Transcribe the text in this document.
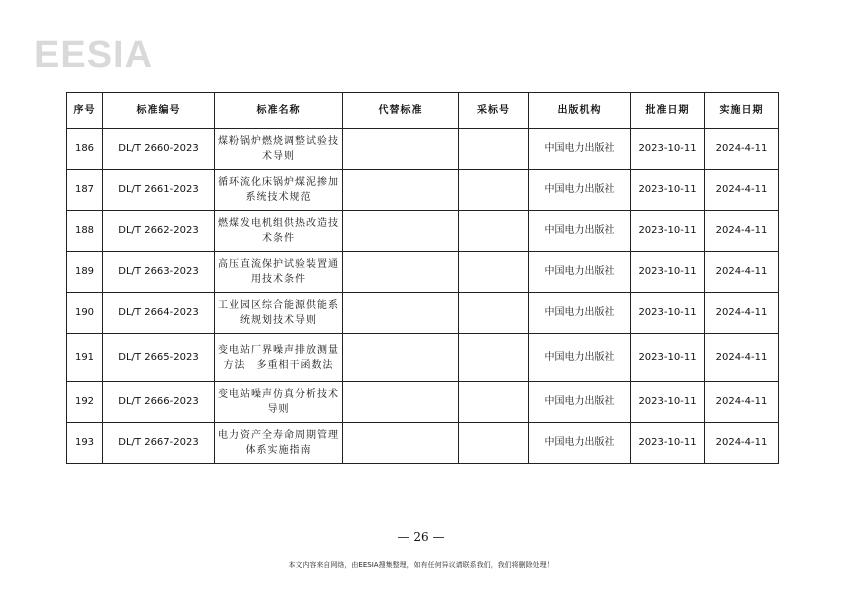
EESIA
序号	标准编号	标准名称	代替标准	采标号	出版机构	批准日期	实施日期
186	DL/T 2660-2023	煤粉锅炉燃烧调整试验技术导则			中国电力出版社	2023-10-11	2024-4-11
187	DL/T 2661-2023	循环流化床锅炉煤泥掺加系统技术规范			中国电力出版社	2023-10-11	2024-4-11
188	DL/T 2662-2023	燃煤发电机组供热改造技术条件			中国电力出版社	2023-10-11	2024-4-11
189	DL/T 2663-2023	高压直流保护试验装置通用技术条件			中国电力出版社	2023-10-11	2024-4-11
190	DL/T 2664-2023	工业园区综合能源供能系统规划技术导则			中国电力出版社	2023-10-11	2024-4-11
191	DL/T 2665-2023	变电站厂界噪声排放测量方法　多重相干函数法			中国电力出版社	2023-10-11	2024-4-11
192	DL/T 2666-2023	变电站噪声仿真分析技术导则			中国电力出版社	2023-10-11	2024-4-11
193	DL/T 2667-2023	电力资产全寿命周期管理体系实施指南			中国电力出版社	2023-10-11	2024-4-11
— 26 —
本文内容来自网络，由EESIA搜集整理，如有任何异议请联系我们，我们将删除处理！
